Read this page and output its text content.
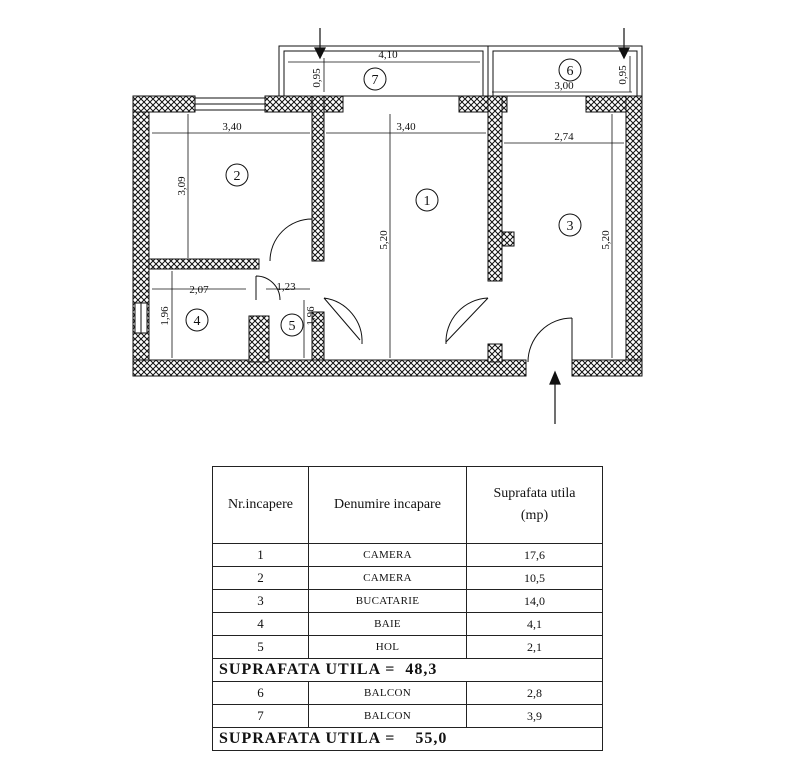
4,10
0,95	3,00
0,95
3,40
3,09
3,40
5,20
2,74
5,20
2,07
1,96
1,23
1,96
1
2
3
4	5
6
7
Nr.incapere	Denumire incapare	Suprafata utila
(mp)
1	CAMERA	17,6
2	CAMERA	10,5
3	BUCATARIE	14,0
4	BAIE	4,1
5	HOL	2,1
SUPRAFATA UTILA = 48,3		
6	BALCON	2,8
7	BALCON	3,9
SUPRAFATA UTILA = 55,0		
